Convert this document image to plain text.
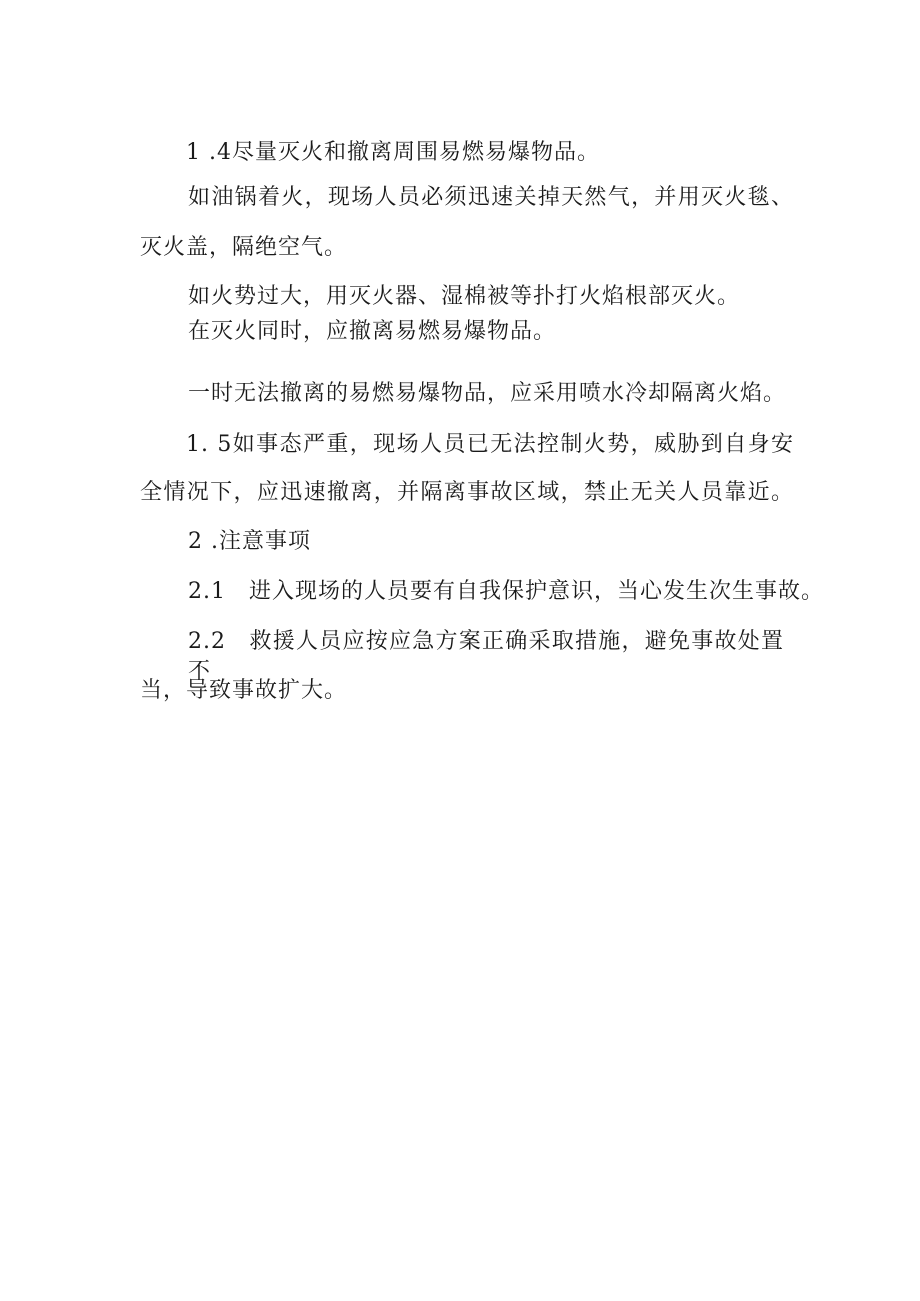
1 .4尽量灭火和撤离周围易燃易爆物品。
如油锅着火，现场人员必须迅速关掉天然气，并用灭火毯、
灭火盖，隔绝空气。
如火势过大，用灭火器、湿棉被等扑打火焰根部灭火。
在灭火同时，应撤离易燃易爆物品。
一时无法撤离的易燃易爆物品，应采用喷水冷却隔离火焰。
1. 5如事态严重，现场人员已无法控制火势，威胁到自身安
全情况下，应迅速撤离，并隔离事故区域，禁止无关人员靠近。
2 .注意事项
2.1　进入现场的人员要有自我保护意识，当心发生次生事故。
2.2　救援人员应按应急方案正确采取措施，避免事故处置不
当，导致事故扩大。
